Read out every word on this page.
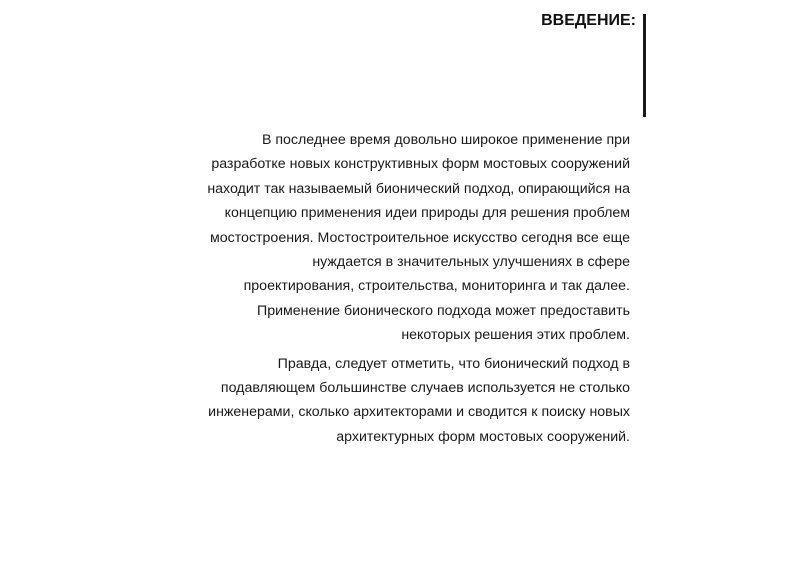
ВВЕДЕНИЕ:
В последнее время довольно широкое применение при
разработке новых конструктивных форм мостовых сооружений
находит так называемый бионический подход, опирающийся на
концепцию применения идеи природы для решения проблем
мостостроения. Мостостроительное искусство сегодня все еще
нуждается в значительных улучшениях в сфере
проектирования, строительства, мониторинга и так далее.
Применение бионического подхода может предоставить
некоторых решения этих проблем.
Правда, следует отметить, что бионический подход в
подавляющем большинстве случаев используется не столько
инженерами, сколько архитекторами и сводится к поиску новых
архитектурных форм мостовых сооружений.
